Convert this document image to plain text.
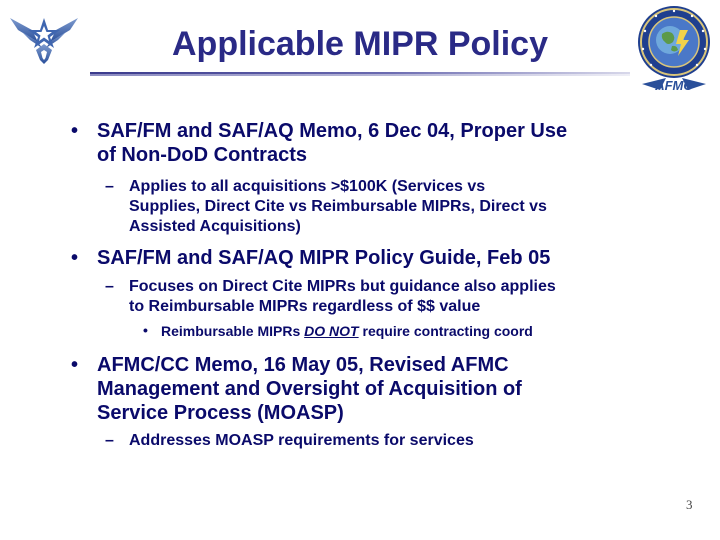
AFMC
Applicable MIPR Policy
• SAF/FM and SAF/AQ Memo, 6 Dec 04, Proper Use
of Non-DoD Contracts
– Applies to all acquisitions >$100K (Services vs
Supplies, Direct Cite vs Reimbursable MIPRs, Direct vs
Assisted Acquisitions)
• SAF/FM and SAF/AQ MIPR Policy Guide, Feb 05
– Focuses on Direct Cite MIPRs but guidance also applies
to Reimbursable MIPRs regardless of $$ value
• Reimbursable MIPRs DO NOT require contracting coord
• AFMC/CC Memo, 16 May 05, Revised AFMC
Management and Oversight of Acquisition of
Service Process (MOASP)
– Addresses MOASP requirements for services
3
